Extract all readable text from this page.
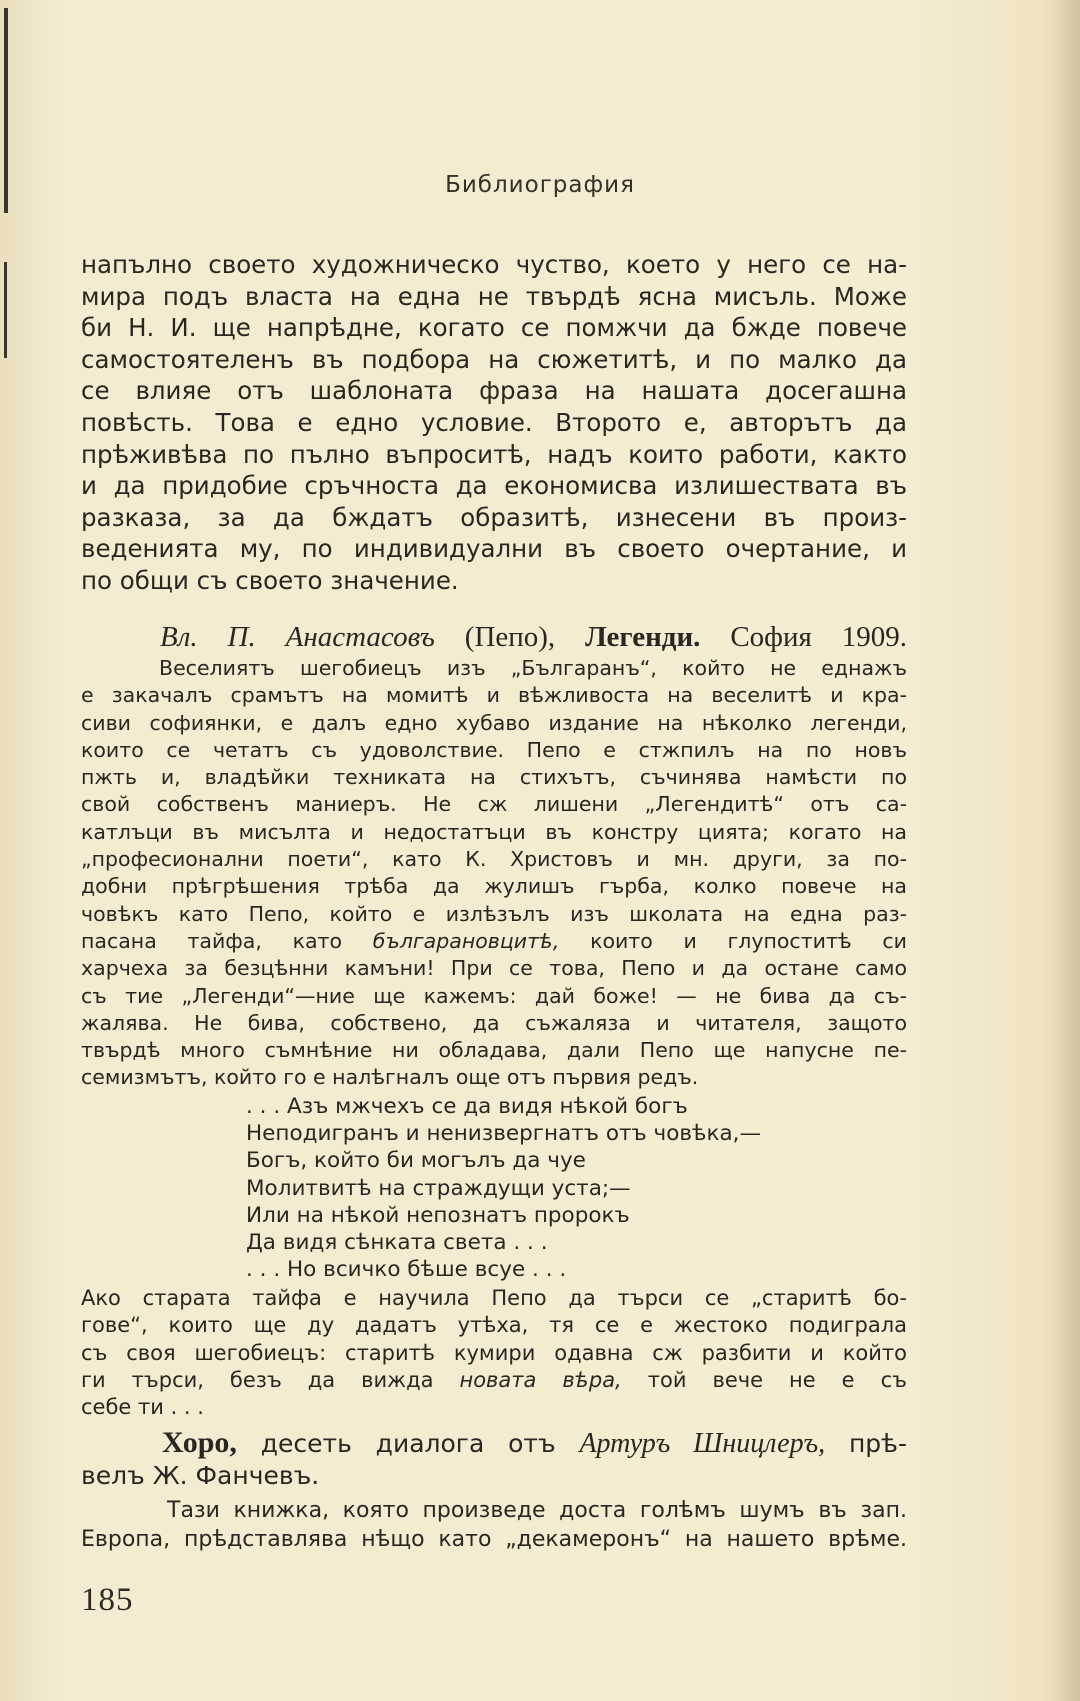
Библиография
напълно своето художническо чуство, което у него се на-
мира подъ власта на една не твърдѣ ясна мисъль. Може
би Н. И. ще напрѣдне, когато се помжчи да бжде повече
самостоятеленъ въ подбора на сюжетитѣ, и по малко да
се влияе отъ шаблоната фраза на нашата досегашна
повѣсть. Това е едно условие. Второто е, авторътъ да
прѣживѣва по пълно въпроситѣ, надъ които работи, както
и да придобие сръчноста да економисва излишествата въ
разказа, за да бждатъ образитѣ, изнесени въ произ-
веденията му, по индивидуални въ своето очертание, и
по общи съ своето значение.
Вл. П. Анастасовъ (Пепо), Легенди. София 1909.
Веселиятъ шегобиецъ изъ „Българанъ“, който не еднажъ
е закачалъ срамътъ на момитѣ и вѣжливоста на веселитѣ и кра-
сиви софиянки, е далъ едно хубаво издание на нѣколко легенди,
които се четатъ съ удоволствие. Пепо е стжпилъ на по новъ
пжть и, владѣйки техниката на стихътъ, съчинява намѣсти по
свой собственъ маниеръ. Не сж лишени „Легендитѣ“ отъ са-
катлъци въ мисълта и недостатъци въ констру цията; когато на
„професионални поети“, като К. Христовъ и мн. други, за по-
добни прѣгрѣшения трѣба да жулишъ гърба, колко повече на
човѣкъ като Пепо, който е излѣзълъ изъ школата на една раз-
пасана тайфа, като българановцитѣ, които и глупоститѣ си
харчеха за безцѣнни камъни! При се това, Пепо и да остане само
съ тие „Легенди“—ние ще кажемъ: дай боже! — не бива да съ-
жалява. Не бива, собствено, да съжаляза и читателя, защото
твърдѣ много съмнѣние ни обладава, дали Пепо ще напусне пе-
семизмътъ, който го е налѣгналъ още отъ първия редъ.
. . . Азъ мжчехъ се да видя нѣкой богъ
Неподигранъ и ненизвергнатъ отъ човѣка,—
Богъ, който би могълъ да чуе
Молитвитѣ на страждущи уста;—
Или на нѣкой непознатъ пророкъ
Да видя сѣнката света . . .
. . . Но всичко бѣше всуе . . .
Ако старата тайфа е научила Пепо да търси се „старитѣ бо-
гове“, които ще ду дадатъ утѣха, тя се е жестоко подиграла
съ своя шегобиецъ: старитѣ кумири одавна сж разбити и който
ги търси, безъ да вижда новата вѣра, той вече не е съ
себе ти . . .
Хоро, десеть диалога отъ Артуръ Шницлеръ, прѣ-
велъ Ж. Фанчевъ.
Тази книжка, която произведе доста голѣмъ шумъ въ зап.
Европа, прѣдставлява нѣщо като „декамеронъ“ на нашето врѣме.
185
